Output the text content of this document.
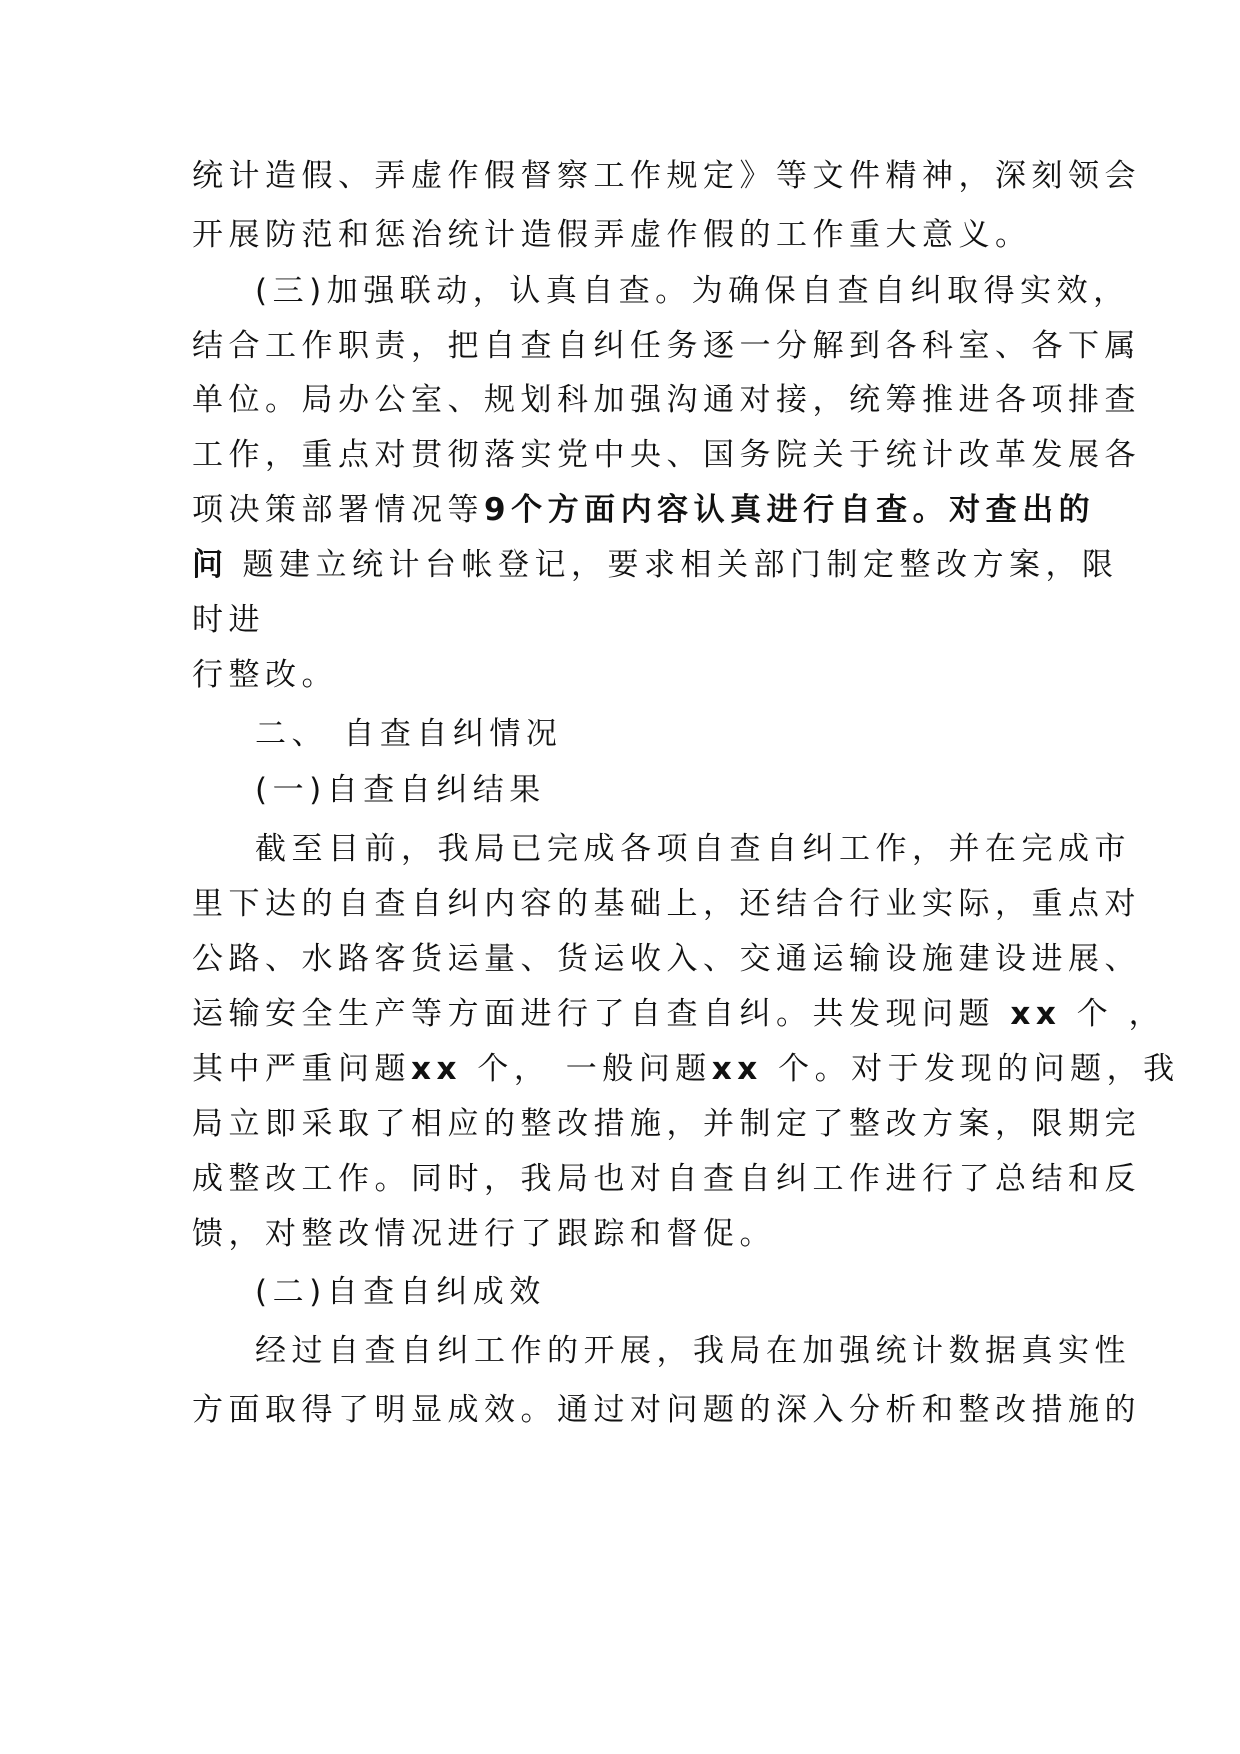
统计造假、弄虚作假督察工作规定》等文件精神，深刻领会

开展防范和惩治统计造假弄虚作假的工作重大意义。

(三)加强联动，认真自查。为确保自查自纠取得实效，

结合工作职责，把自查自纠任务逐一分解到各科室、各下属

单位。局办公室、规划科加强沟通对接，统筹推进各项排查

工作，重点对贯彻落实党中央、国务院关于统计改革发展各

项决策部署情况等9个方面内容认真进行自查。对查出的

问 题建立统计台帐登记，要求相关部门制定整改方案，限

时进

行整改。

二、 自查自纠情况

(一)自查自纠结果

截至目前，我局已完成各项自查自纠工作，并在完成市

里下达的自查自纠内容的基础上，还结合行业实际，重点对

公路、水路客货运量、货运收入、交通运输设施建设进展、

运输安全生产等方面进行了自查自纠。共发现问题 xx 个 ，

其中严重问题xx 个， 一般问题xx 个。对于发现的问题，我

局立即采取了相应的整改措施，并制定了整改方案，限期完

成整改工作。同时，我局也对自查自纠工作进行了总结和反

馈，对整改情况进行了跟踪和督促。

(二)自查自纠成效

经过自查自纠工作的开展，我局在加强统计数据真实性

方面取得了明显成效。通过对问题的深入分析和整改措施的
